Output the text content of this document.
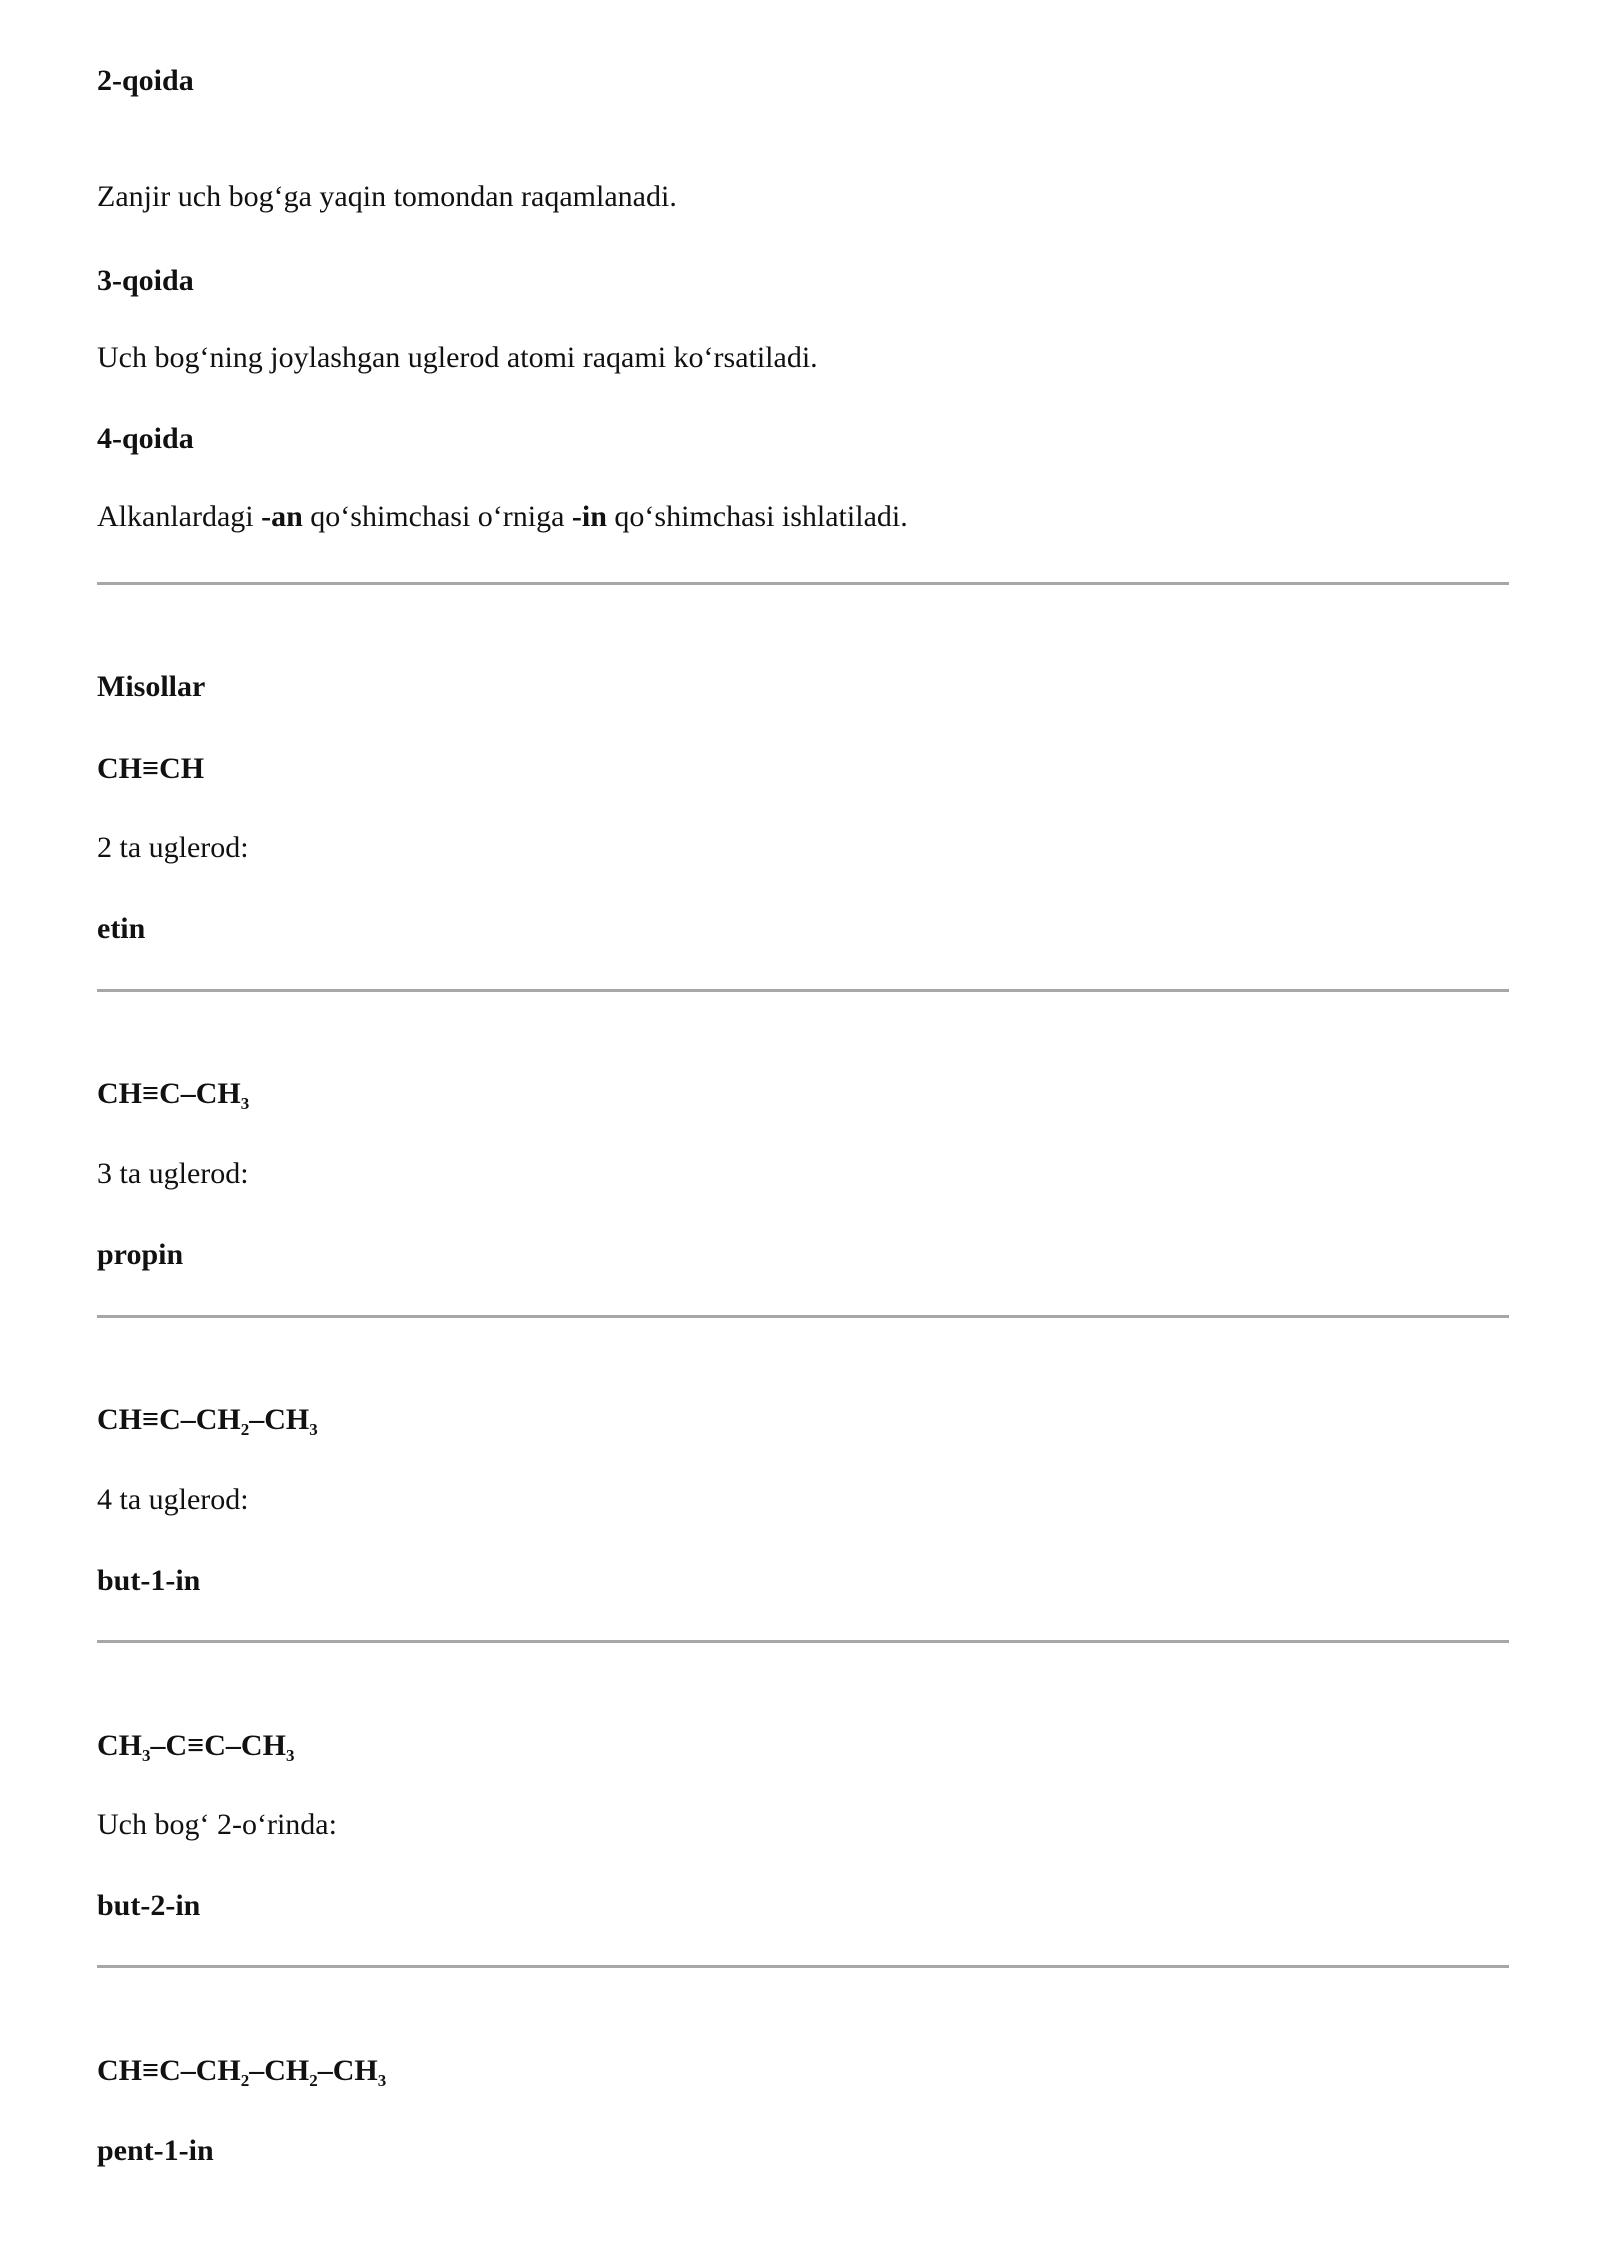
2-qoida
Zanjir uch bog‘ga yaqin tomondan raqamlanadi.
3-qoida
Uch bog‘ning joylashgan uglerod atomi raqami ko‘rsatiladi.
4-qoida
Alkanlardagi -an qo‘shimchasi o‘rniga -in qo‘shimchasi ishlatiladi.
Misollar
CH≡CH
2 ta uglerod:
etin
$CH\equiv C-CH_3$
3 ta uglerod:
propin
$CH\equiv C-CH_2-CH_3$
4 ta uglerod:
but-1-in
$CH_3-C\equiv C-CH_3$
Uch bog‘ 2-o‘rinda:
but-2-in
$CH\equiv C-CH_2-CH_2-CH_3$
pent-1-in
